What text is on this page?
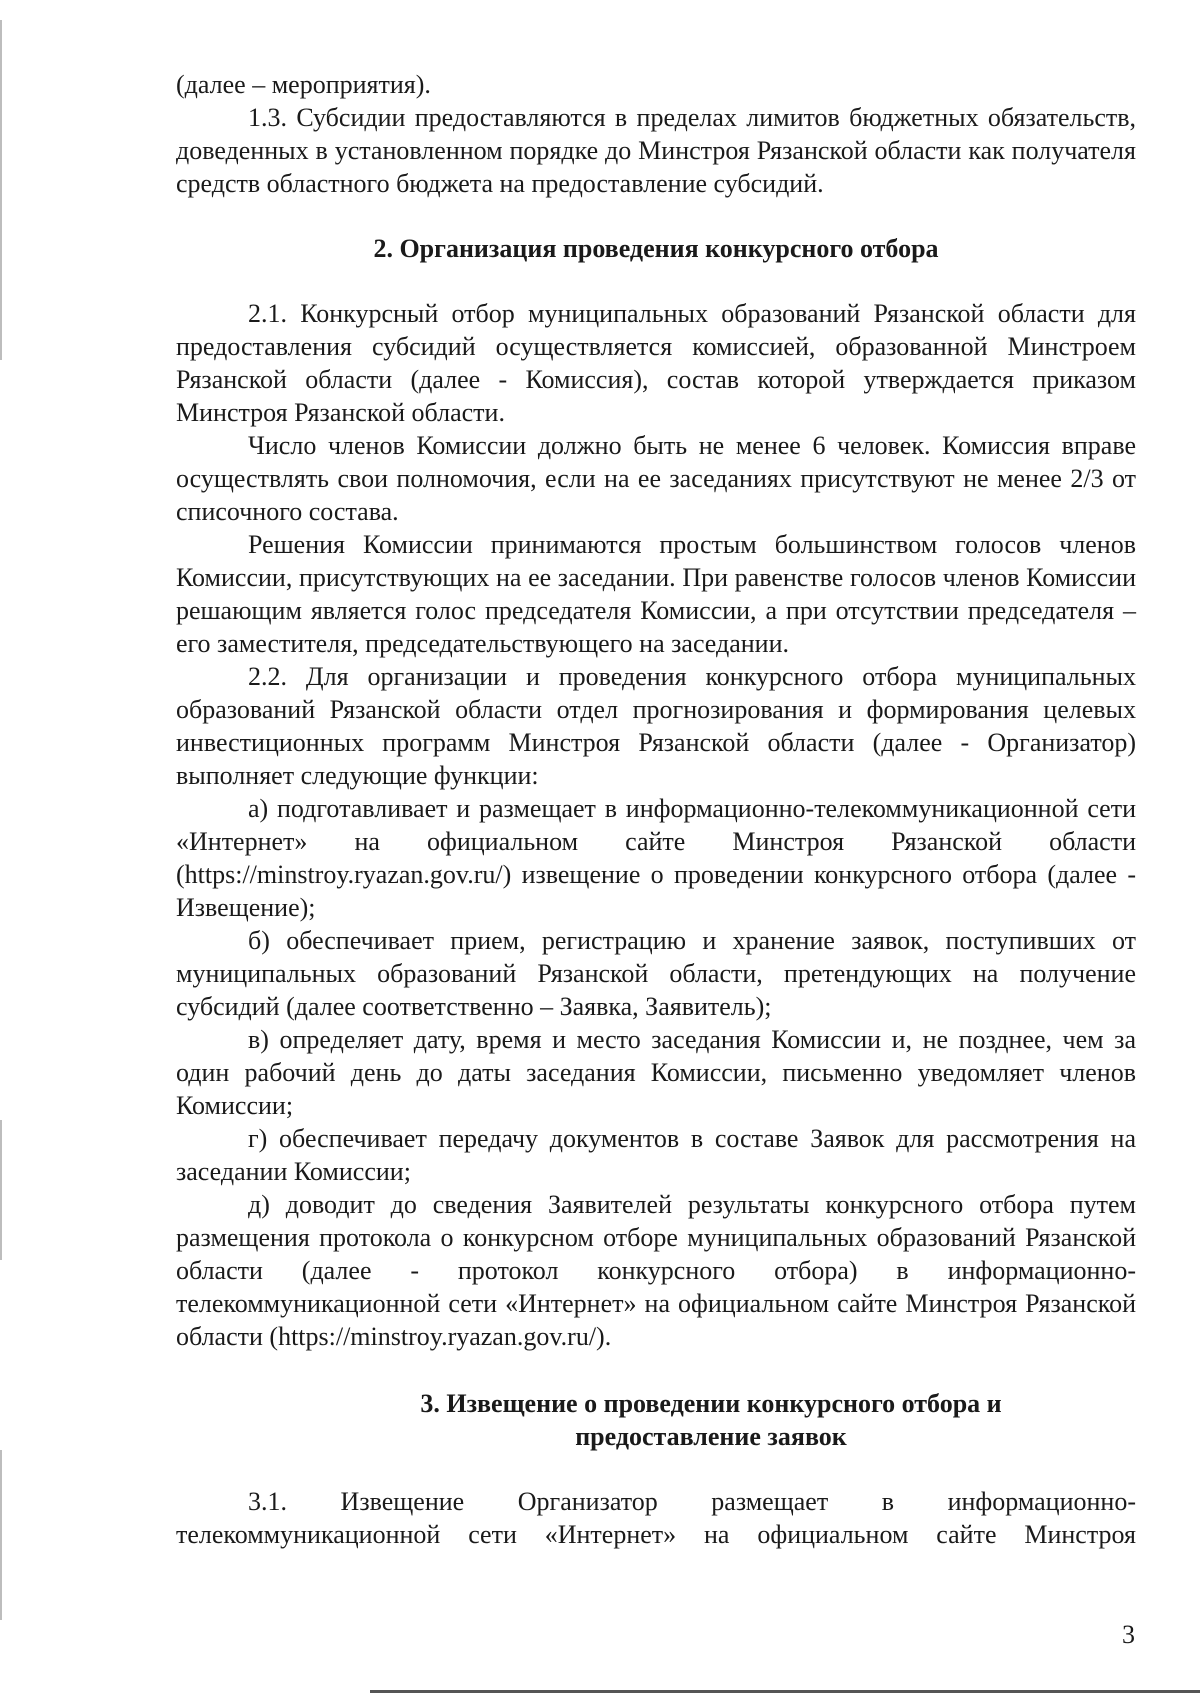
(далее – мероприятия).

1.3. Субсидии предоставляются в пределах лимитов бюджетных обязательств, доведенных в установленном порядке до Минстроя Рязанской области как получателя средств областного бюджета на предоставление субсидий.

2. Организация проведения конкурсного отбора

2.1. Конкурсный отбор муниципальных образований Рязанской области для предоставления субсидий осуществляется комиссией, образованной Минстроем Рязанской области (далее - Комиссия), состав которой утверждается приказом Минстроя Рязанской области.

Число членов Комиссии должно быть не менее 6 человек. Комиссия вправе осуществлять свои полномочия, если на ее заседаниях присутствуют не менее 2/3 от списочного состава.

Решения Комиссии принимаются простым большинством голосов членов Комиссии, присутствующих на ее заседании. При равенстве голосов членов Комиссии решающим является голос председателя Комиссии, а при отсутствии председателя – его заместителя, председательствующего на заседании.

2.2. Для организации и проведения конкурсного отбора муниципальных образований Рязанской области отдел прогнозирования и формирования целевых инвестиционных программ Минстроя Рязанской области (далее - Организатор) выполняет следующие функции:

а) подготавливает и размещает в информационно-телекоммуникационной сети «Интернет» на официальном сайте Минстроя Рязанской области (https://minstroy.ryazan.gov.ru/) извещение о проведении конкурсного отбора (далее - Извещение);

б) обеспечивает прием, регистрацию и хранение заявок, поступивших от муниципальных образований Рязанской области, претендующих на получение субсидий (далее соответственно – Заявка, Заявитель);

в) определяет дату, время и место заседания Комиссии и, не позднее, чем за один рабочий день до даты заседания Комиссии, письменно уведомляет членов Комиссии;

г) обеспечивает передачу документов в составе Заявок для рассмотрения на заседании Комиссии;

д) доводит до сведения Заявителей результаты конкурсного отбора путем размещения протокола о конкурсном отборе муниципальных образований Рязанской области (далее - протокол конкурсного отбора) в информационно-телекоммуникационной сети «Интернет» на официальном сайте Минстроя Рязанской области (https://minstroy.ryazan.gov.ru/).

3. Извещение о проведении конкурсного отбора и
предоставление заявок

3.1. Извещение Организатор размещает в информационно-телекоммуникационной сети «Интернет» на официальном сайте Минстроя

3
